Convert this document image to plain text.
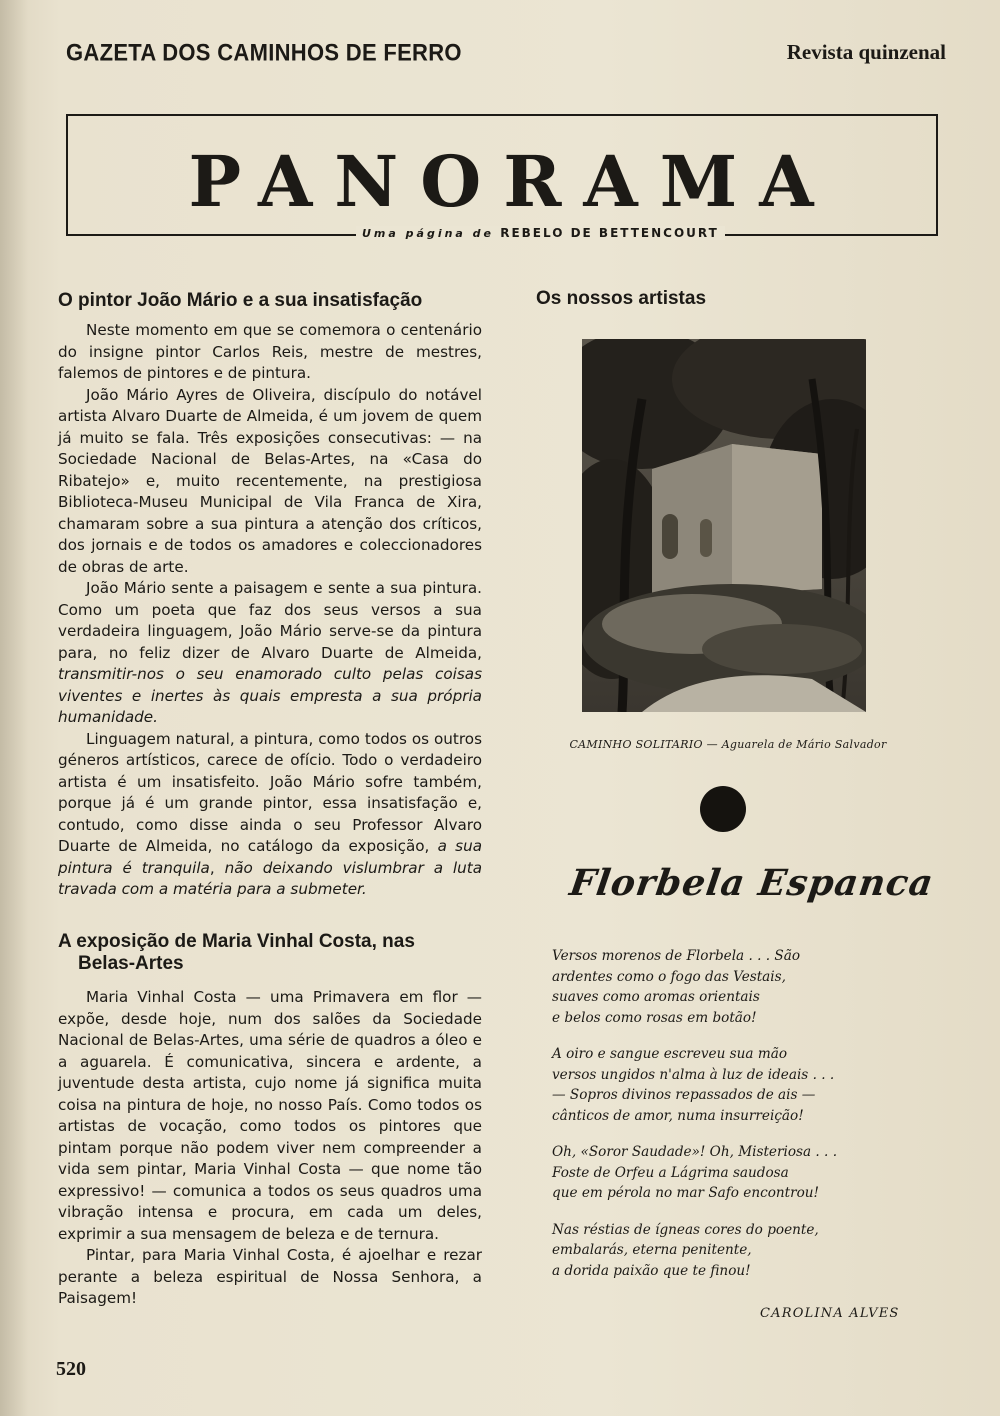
GAZETA DOS CAMINHOS DE FERRO	Revista quinzenal
PANORAMA
Uma página de REBELO DE BETTENCOURT
O pintor João Mário e a sua insatisfação

Neste momento em que se comemora o centenário do insigne pintor Carlos Reis, mestre de mestres, falemos de pintores e de pintura.

João Mário Ayres de Oliveira, discípulo do notável artista Alvaro Duarte de Almeida, é um jovem de quem já muito se fala. Três exposições consecutivas: — na Sociedade Nacional de Belas-Artes, na «Casa do Ribatejo» e, muito recentemente, na prestigiosa Biblioteca-Museu Municipal de Vila Franca de Xira, chamaram sobre a sua pintura a atenção dos críticos, dos jornais e de todos os amadores e coleccionadores de obras de arte.

João Mário sente a paisagem e sente a sua pintura. Como um poeta que faz dos seus versos a sua verdadeira linguagem, João Mário serve-se da pintura para, no feliz dizer de Alvaro Duarte de Almeida, transmitir-nos o seu enamorado culto pelas coisas viventes e inertes às quais empresta a sua própria humanidade.

Linguagem natural, a pintura, como todos os outros géneros artísticos, carece de ofício. Todo o verdadeiro artista é um insatisfeito. João Mário sofre também, porque já é um grande pintor, essa insatisfação e, contudo, como disse ainda o seu Professor Alvaro Duarte de Almeida, no catálogo da exposição, a sua pintura é tranquila, não deixando vislumbrar a luta travada com a matéria para a submeter.

A exposição de Maria Vinhal Costa, nas
Belas-Artes

Maria Vinhal Costa — uma Primavera em flor — expõe, desde hoje, num dos salões da Sociedade Nacional de Belas-Artes, uma série de quadros a óleo e a aguarela. É comunicativa, sincera e ardente, a juventude desta artista, cujo nome já significa muita coisa na pintura de hoje, no nosso País. Como todos os artistas de vocação, como todos os pintores que pintam porque não podem viver nem compreender a vida sem pintar, Maria Vinhal Costa — que nome tão expressivo! — comunica a todos os seus quadros uma vibração intensa e procura, em cada um deles, exprimir a sua mensagem de beleza e de ternura.

Pintar, para Maria Vinhal Costa, é ajoelhar e rezar perante a beleza espiritual de Nossa Senhora, a Paisagem!

Os nossos artistas
CAMINHO SOLITARIO — Aguarela de Mário Salvador
Florbela Espanca
Versos morenos de Florbela . . . São
ardentes como o fogo das Vestais,
suaves como aromas orientais
e belos como rosas em botão!
A oiro e sangue escreveu sua mão
versos ungidos n'alma à luz de ideais . . .
— Sopros divinos repassados de ais —
cânticos de amor, numa insurreição!
Oh, «Soror Saudade»! Oh, Misteriosa . . .
Foste de Orfeu a Lágrima saudosa
que em pérola no mar Safo encontrou!
Nas réstias de ígneas cores do poente,
embalarás, eterna penitente,
a dorida paixão que te finou!
CAROLINA ALVES
520
